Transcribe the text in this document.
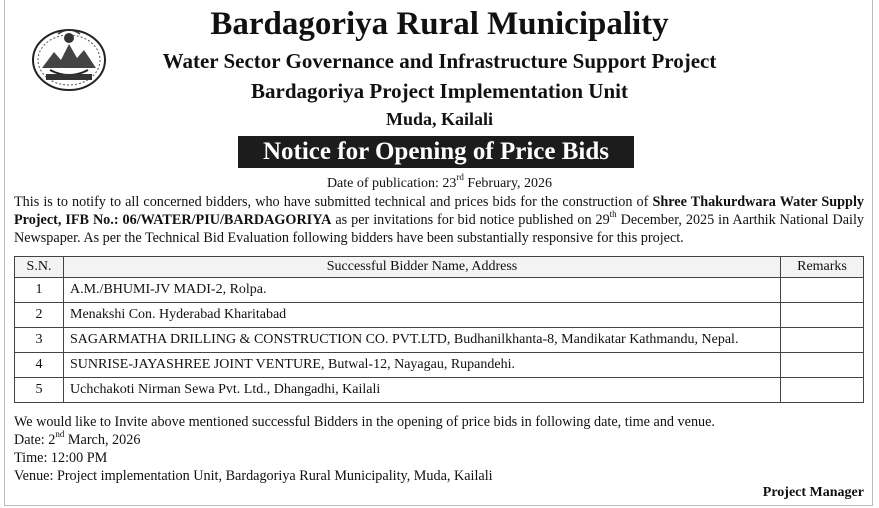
Bardagoriya Rural Municipality
Water Sector Governance and Infrastructure Support Project
Bardagoriya Project Implementation Unit
Muda, Kailali
Notice for Opening of Price Bids
Date of publication: 23rd February, 2026
This is to notify to all concerned bidders, who have submitted technical and prices bids for the construction of Shree Thakurdwara Water Supply Project, IFB No.: 06/WATER/PIU/BARDAGORIYA as per invitations for bid notice published on 29th December, 2025 in Aarthik National Daily Newspaper. As per the Technical Bid Evaluation following bidders have been substantially responsive for this project.
S.N.	Successful Bidder Name, Address	Remarks
1	A.M./BHUMI-JV MADI-2, Rolpa.	
2	Menakshi Con. Hyderabad Kharitabad	
3	SAGARMATHA DRILLING & CONSTRUCTION CO. PVT.LTD, Budhanilkhanta-8, Mandikatar Kathmandu, Nepal.	
4	SUNRISE-JAYASHREE JOINT VENTURE, Butwal-12, Nayagau, Rupandehi.	
5	Uchchakoti Nirman Sewa Pvt. Ltd., Dhangadhi, Kailali	
We would like to Invite above mentioned successful Bidders in the opening of price bids in following date, time and venue.
Date: 2nd March, 2026
Time: 12:00 PM
Venue: Project implementation Unit, Bardagoriya Rural Municipality, Muda, Kailali
Project Manager
